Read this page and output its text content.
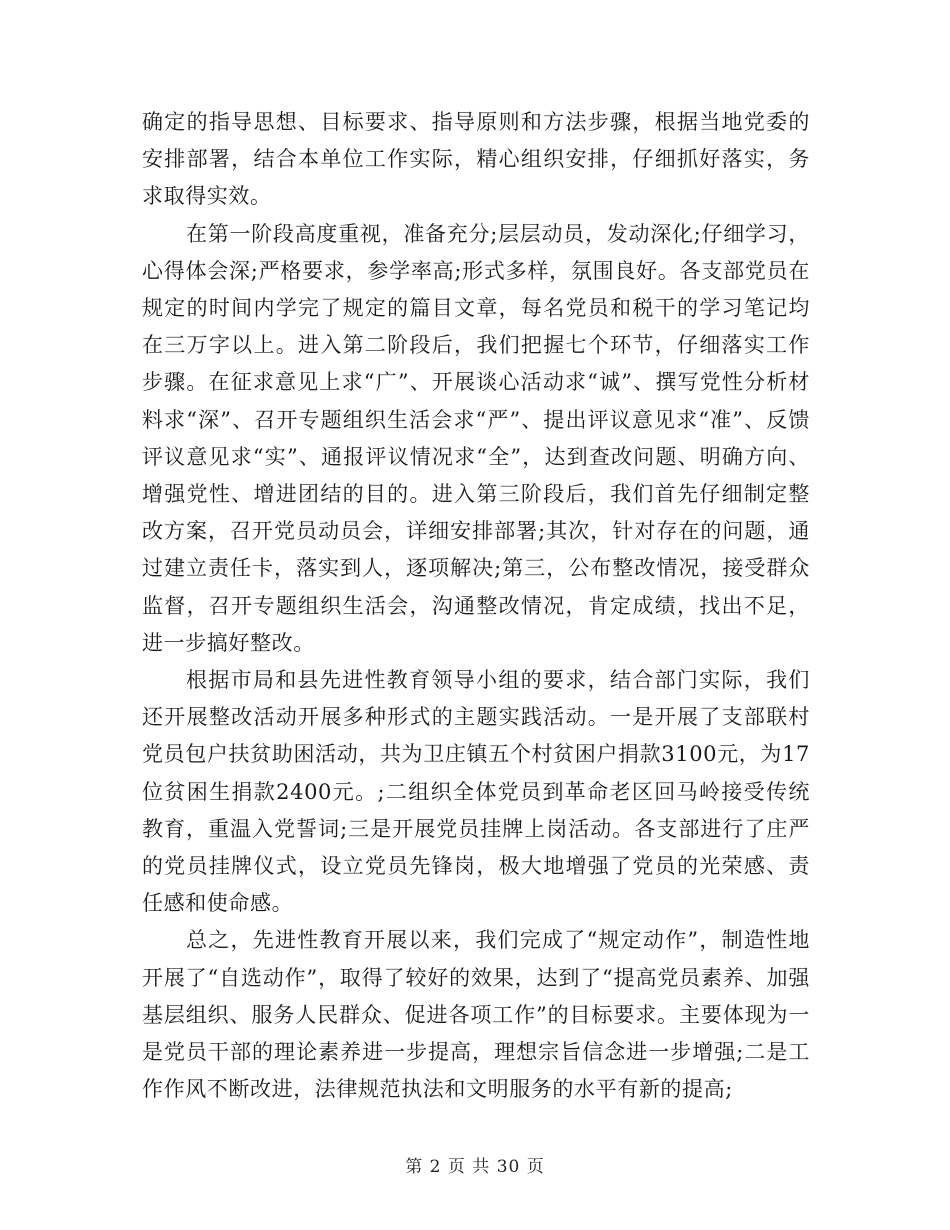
确定的指导思想、目标要求、指导原则和方法步骤，根据当地党委的安排部署，结合本单位工作实际，精心组织安排，仔细抓好落实，务求取得实效。

在第一阶段高度重视，准备充分;层层动员，发动深化;仔细学习，心得体会深;严格要求，参学率高;形式多样，氛围良好。各支部党员在规定的时间内学完了规定的篇目文章，每名党员和税干的学习笔记均在三万字以上。进入第二阶段后，我们把握七个环节，仔细落实工作步骤。在征求意见上求“广”、开展谈心活动求“诚”、撰写党性分析材料求“深”、召开专题组织生活会求“严”、提出评议意见求“准”、反馈评议意见求“实”、通报评议情况求“全”，达到查改问题、明确方向、增强党性、增进团结的目的。进入第三阶段后，我们首先仔细制定整改方案，召开党员动员会，详细安排部署;其次，针对存在的问题，通过建立责任卡，落实到人，逐项解决;第三，公布整改情况，接受群众监督，召开专题组织生活会，沟通整改情况，肯定成绩，找出不足，进一步搞好整改。

根据市局和县先进性教育领导小组的要求，结合部门实际，我们还开展整改活动开展多种形式的主题实践活动。一是开展了支部联村党员包户扶贫助困活动，共为卫庄镇五个村贫困户捐款3100元，为17位贫困生捐款2400元。;二组织全体党员到革命老区回马岭接受传统教育，重温入党誓词;三是开展党员挂牌上岗活动。各支部进行了庄严的党员挂牌仪式，设立党员先锋岗，极大地增强了党员的光荣感、责任感和使命感。

总之，先进性教育开展以来，我们完成了“规定动作”，制造性地开展了“自选动作”，取得了较好的效果，达到了“提高党员素养、加强基层组织、服务人民群众、促进各项工作”的目标要求。主要体现为一是党员干部的理论素养进一步提高，理想宗旨信念进一步增强;二是工作作风不断改进，法律规范执法和文明服务的水平有新的提高;

第 2 页 共 30 页
